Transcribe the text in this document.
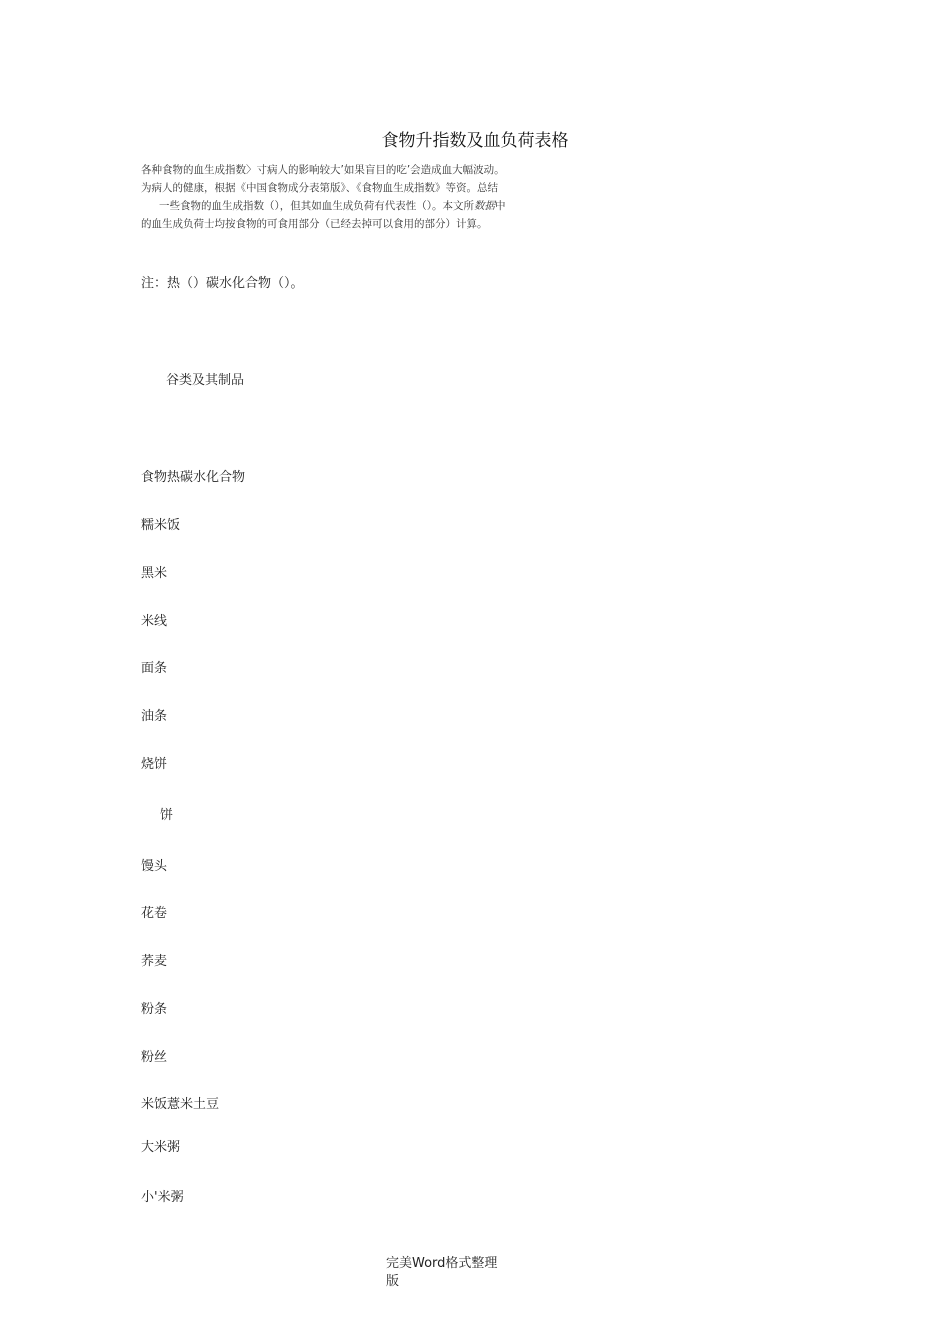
食物升指数及血负荷表格
各种食物的血生成指数〉寸病人的影响较大’如果盲目的吃’会造成血大幅波动。
为病人的健康，根据《中国食物成分表第版》、《食物血生成指数》等资。总结
一些食物的血生成指数（），但其如血生成负荷有代表性（）。本文所数据中
的血生成负荷士均按食物的可食用部分（已经去掉可以食用的部分）计算。
注：热（）碳水化合物（）。
谷类及其制品
食物热碳水化合物
糯米饭
黑米
米线
面条
油条
烧饼
饼
馒头
花卷
荞麦
粉条
粉丝
米饭薏米土豆
大米粥
小'米粥
完美Word格式整理
版
